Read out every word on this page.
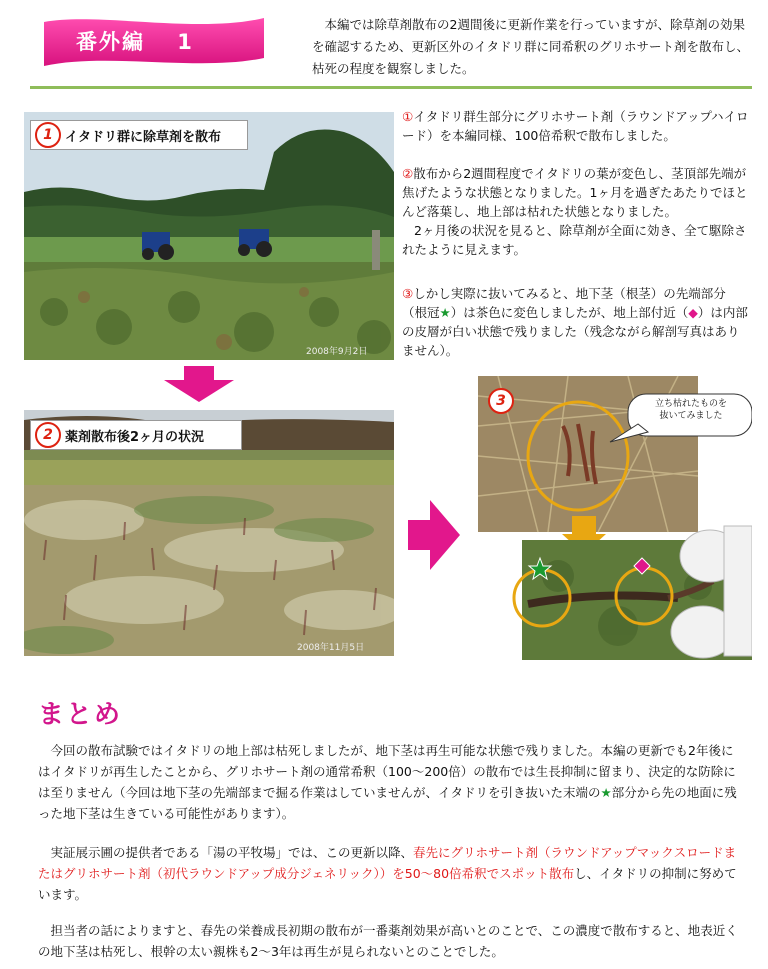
番外編　 1
　本編では除草剤散布の2週間後に更新作業を行っていますが、除草剤の効果を確認するため、更新区外のイタドリ群に同希釈のグリホサート剤を散布し、枯死の程度を観察しました。
1 イタドリ群に除草剤を散布
2008年9月2日
2 薬剤散布後2ヶ月の状況
2008年11月5日
①イタドリ群生部分にグリホサート剤（ラウンドアップハイロード）を本編同様、100倍希釈で散布しました。
②散布から2週間程度でイタドリの葉が変色し、茎頂部先端が焦げたような状態となりました。1ヶ月を過ぎたあたりでほとんど落葉し、地上部は枯れた状態となりました。
2ヶ月後の状況を見ると、除草剤が全面に効き、全て駆除されたように見えます。
③しかし実際に抜いてみると、地下茎（根茎）の先端部分（根冠★）は茶色に変色しましたが、地上部付近（◆）は内部の皮層が白い状態で残りました（残念ながら解剖写真はありません）。
3	立ち枯れたものを
抜いてみました
まとめ
　今回の散布試験ではイタドリの地上部は枯死しましたが、地下茎は再生可能な状態で残りました。本編の更新でも2年後にはイタドリが再生したことから、グリホサート剤の通常希釈（100～200倍）の散布では生長抑制に留まり、決定的な防除には至りません（今回は地下茎の先端部まで掘る作業はしていませんが、イタドリを引き抜いた末端の★部分から先の地面に残った地下茎は生きている可能性があります）。
　実証展示圃の提供者である「湯の平牧場」では、この更新以降、春先にグリホサート剤（ラウンドアップマックスロードまたはグリホサート剤（初代ラウンドアップ成分ジェネリック））を50～80倍希釈でスポット散布し、イタドリの抑制に努めています。
　担当者の話によりますと、春先の栄養成長初期の散布が一番薬剤効果が高いとのことで、この濃度で散布すると、地表近くの地下茎は枯死し、根幹の太い親株も2～3年は再生が見られないとのことでした。
